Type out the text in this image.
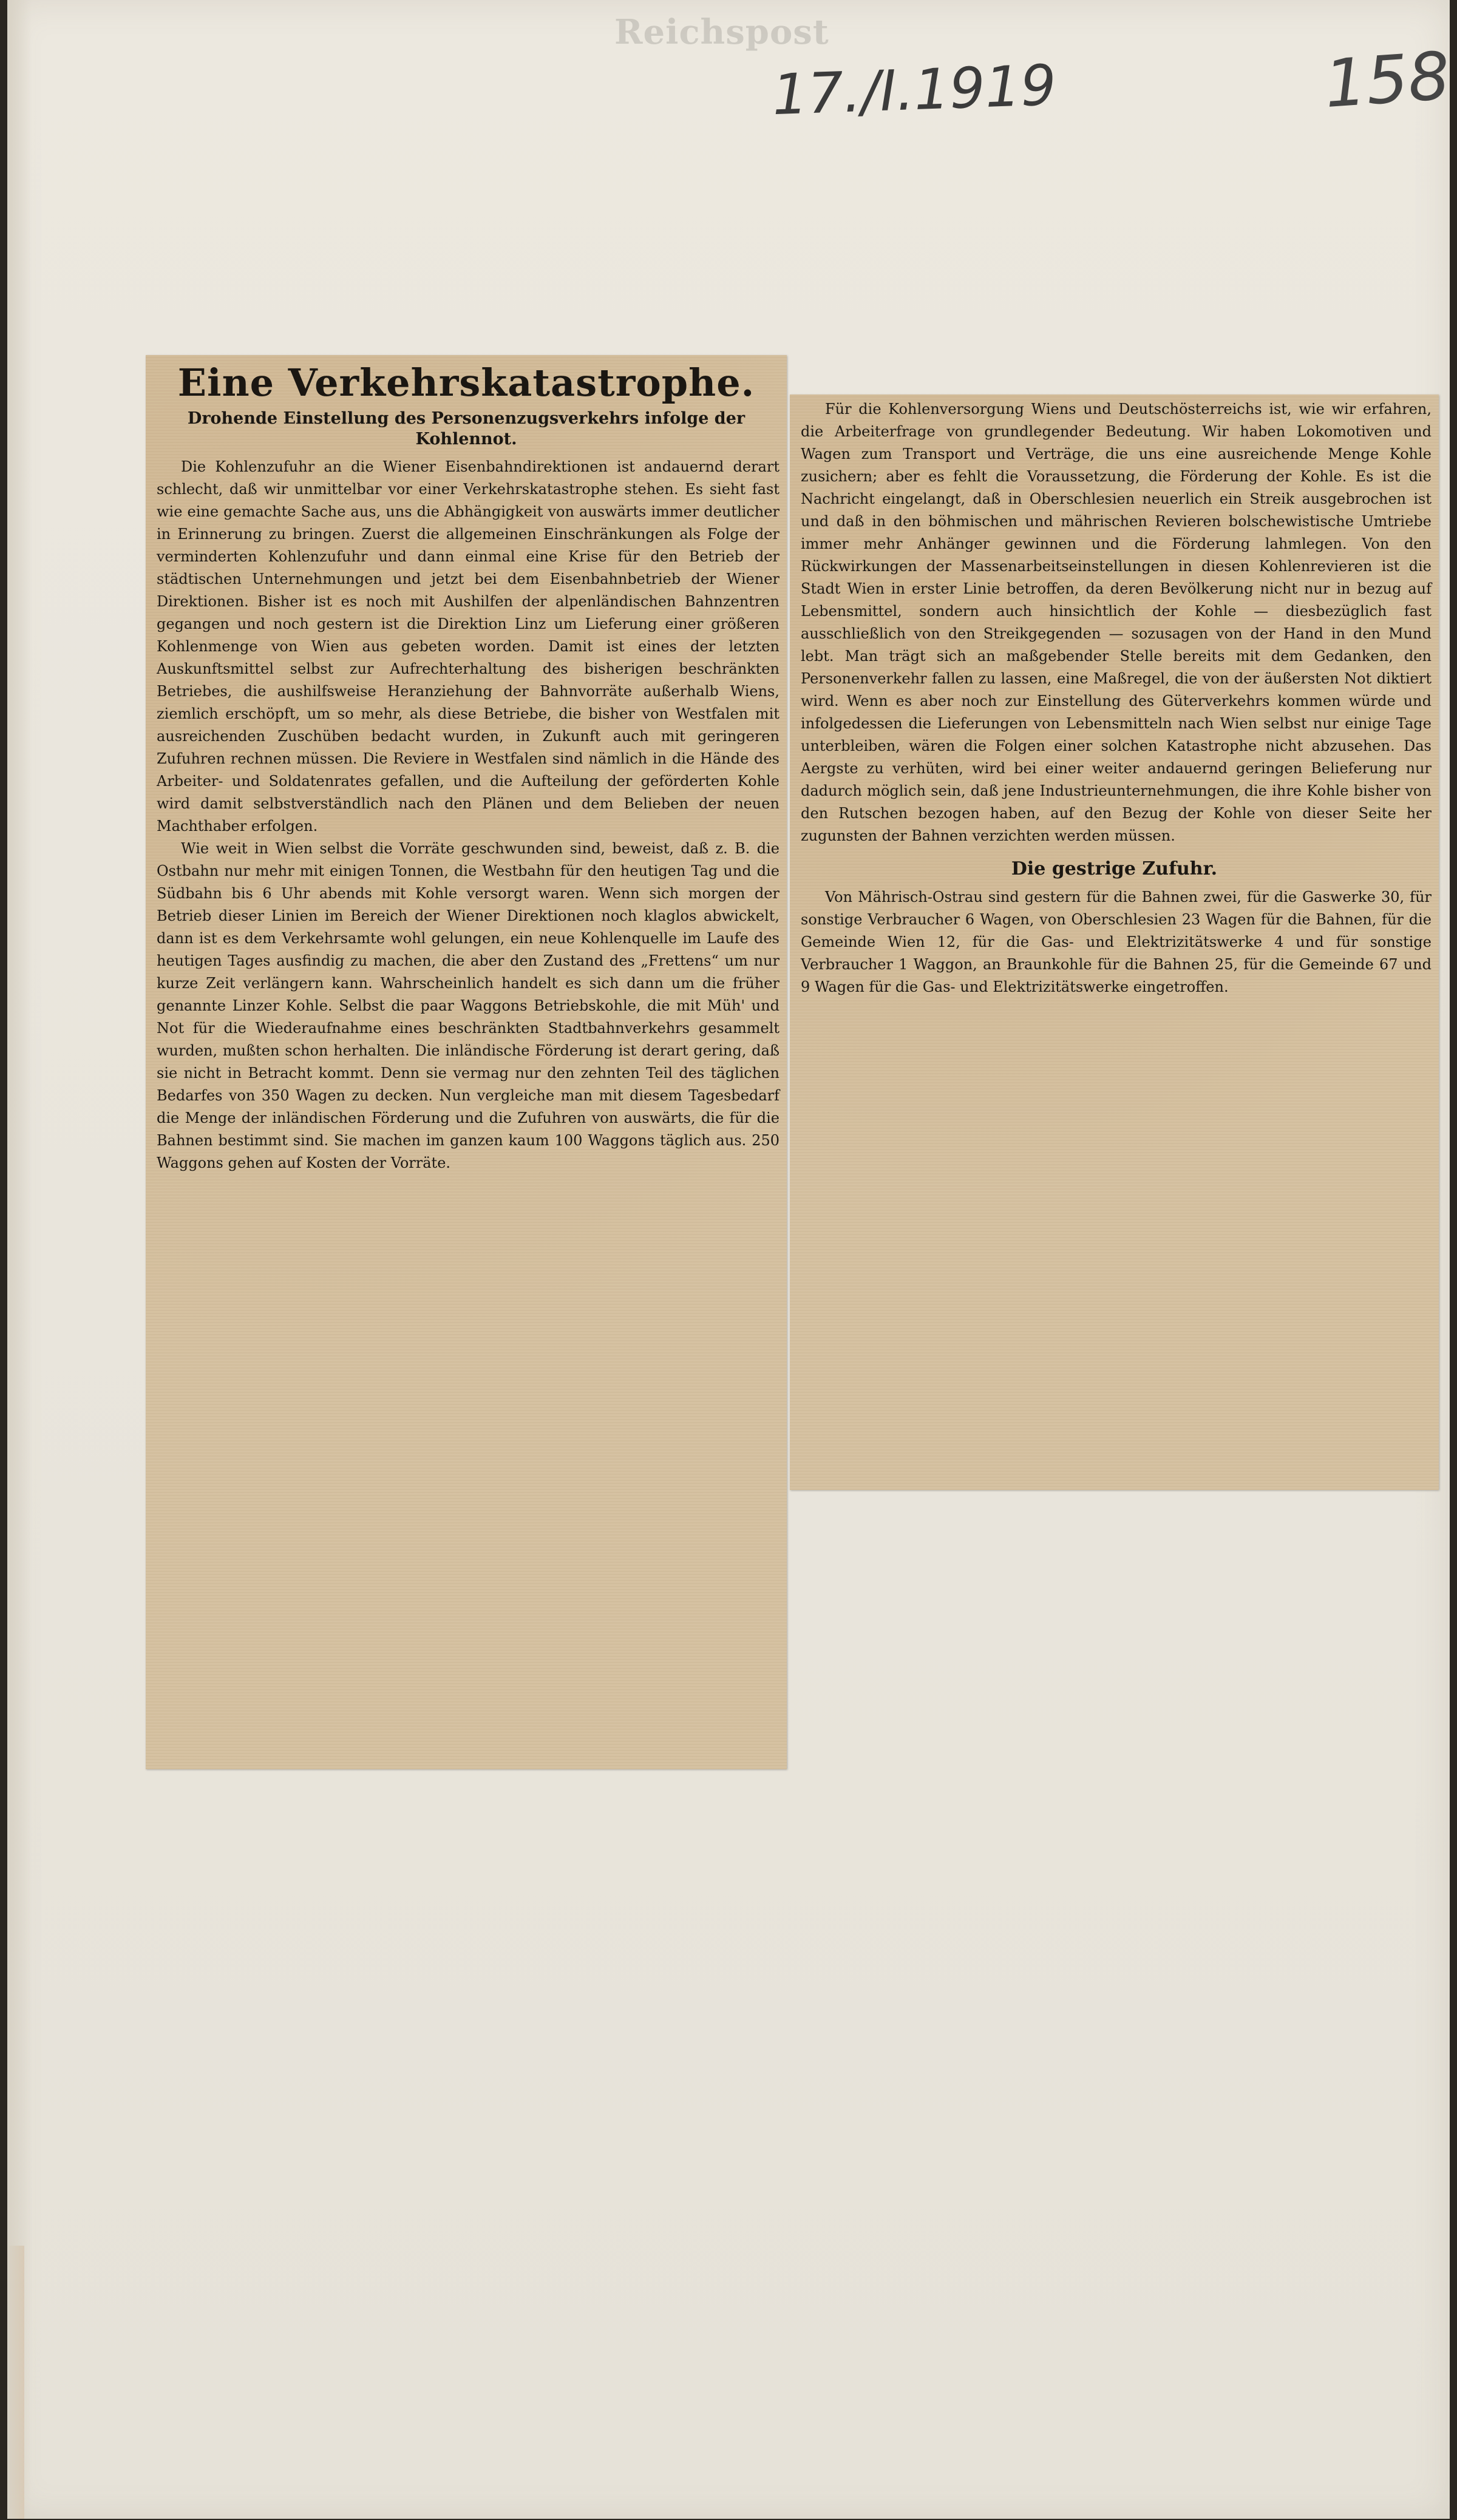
Reichspost
17./I.1919	158
Eine Verkehrskatastrophe.
Drohende Einstellung des Personenzugsverkehrs infolge der Kohlennot.

Die Kohlenzufuhr an die Wiener Eisenbahndirektionen ist andauernd derart schlecht, daß wir unmittelbar vor einer Verkehrskatastrophe stehen. Es sieht fast wie eine gemachte Sache aus, uns die Abhängigkeit von auswärts immer deutlicher in Erinnerung zu bringen. Zuerst die allgemeinen Einschränkungen als Folge der verminderten Kohlenzufuhr und dann einmal eine Krise für den Betrieb der städtischen Unternehmungen und jetzt bei dem Eisenbahnbetrieb der Wiener Direktionen. Bisher ist es noch mit Aushilfen der alpenländischen Bahnzentren gegangen und noch gestern ist die Direktion Linz um Lieferung einer größeren Kohlenmenge von Wien aus gebeten worden. Damit ist eines der letzten Auskunftsmittel selbst zur Aufrechterhaltung des bisherigen beschränkten Betriebes, die aushilfsweise Heranziehung der Bahnvorräte außerhalb Wiens, ziemlich erschöpft, um so mehr, als diese Betriebe, die bisher von Westfalen mit ausreichenden Zuschüben bedacht wurden, in Zukunft auch mit geringeren Zufuhren rechnen müssen. Die Reviere in Westfalen sind nämlich in die Hände des Arbeiter- und Soldatenrates gefallen, und die Aufteilung der geförderten Kohle wird damit selbstverständlich nach den Plänen und dem Belieben der neuen Machthaber erfolgen.

Wie weit in Wien selbst die Vorräte geschwunden sind, beweist, daß z. B. die Ostbahn nur mehr mit einigen Tonnen, die Westbahn für den heutigen Tag und die Südbahn bis 6 Uhr abends mit Kohle versorgt waren. Wenn sich morgen der Betrieb dieser Linien im Bereich der Wiener Direktionen noch klaglos abwickelt, dann ist es dem Verkehrsamte wohl gelungen, ein neue Kohlenquelle im Laufe des heutigen Tages ausfindig zu machen, die aber den Zustand des „Frettens“ um nur kurze Zeit verlängern kann. Wahrscheinlich handelt es sich dann um die früher genannte Linzer Kohle. Selbst die paar Waggons Betriebskohle, die mit Müh' und Not für die Wiederaufnahme eines beschränkten Stadtbahnverkehrs gesammelt wurden, mußten schon herhalten. Die inländische Förderung ist derart gering, daß sie nicht in Betracht kommt. Denn sie vermag nur den zehnten Teil des täglichen Bedarfes von 350 Wagen zu decken. Nun vergleiche man mit diesem Tagesbedarf die Menge der inländischen Förderung und die Zufuhren von auswärts, die für die Bahnen bestimmt sind. Sie machen im ganzen kaum 100 Waggons täglich aus. 250 Waggons gehen auf Kosten der Vorräte.

Für die Kohlenversorgung Wiens und Deutschösterreichs ist, wie wir erfahren, die Arbeiterfrage von grundlegender Bedeutung. Wir haben Lokomotiven und Wagen zum Transport und Verträge, die uns eine ausreichende Menge Kohle zusichern; aber es fehlt die Voraussetzung, die Förderung der Kohle. Es ist die Nachricht eingelangt, daß in Oberschlesien neuerlich ein Streik ausgebrochen ist und daß in den böhmischen und mährischen Revieren bolschewistische Umtriebe immer mehr Anhänger gewinnen und die Förderung lahmlegen. Von den Rückwirkungen der Massenarbeitseinstellungen in diesen Kohlenrevieren ist die Stadt Wien in erster Linie betroffen, da deren Bevölkerung nicht nur in bezug auf Lebensmittel, sondern auch hinsichtlich der Kohle — diesbezüglich fast ausschließlich von den Streikgegenden — sozusagen von der Hand in den Mund lebt. Man trägt sich an maßgebender Stelle bereits mit dem Gedanken, den Personenverkehr fallen zu lassen, eine Maßregel, die von der äußersten Not diktiert wird. Wenn es aber noch zur Einstellung des Güterverkehrs kommen würde und infolgedessen die Lieferungen von Lebensmitteln nach Wien selbst nur einige Tage unterbleiben, wären die Folgen einer solchen Katastrophe nicht abzusehen. Das Aergste zu verhüten, wird bei einer weiter andauernd geringen Belieferung nur dadurch möglich sein, daß jene Industrieunternehmungen, die ihre Kohle bisher von den Rutschen bezogen haben, auf den Bezug der Kohle von dieser Seite her zugunsten der Bahnen verzichten werden müssen.

Die gestrige Zufuhr.

Von Mährisch-Ostrau sind gestern für die Bahnen zwei, für die Gaswerke 30, für sonstige Verbraucher 6 Wagen, von Oberschlesien 23 Wagen für die Bahnen, für die Gemeinde Wien 12, für die Gas- und Elektrizitätswerke 4 und für sonstige Verbraucher 1 Waggon, an Braunkohle für die Bahnen 25, für die Gemeinde 67 und 9 Wagen für die Gas- und Elektrizitätswerke eingetroffen.
